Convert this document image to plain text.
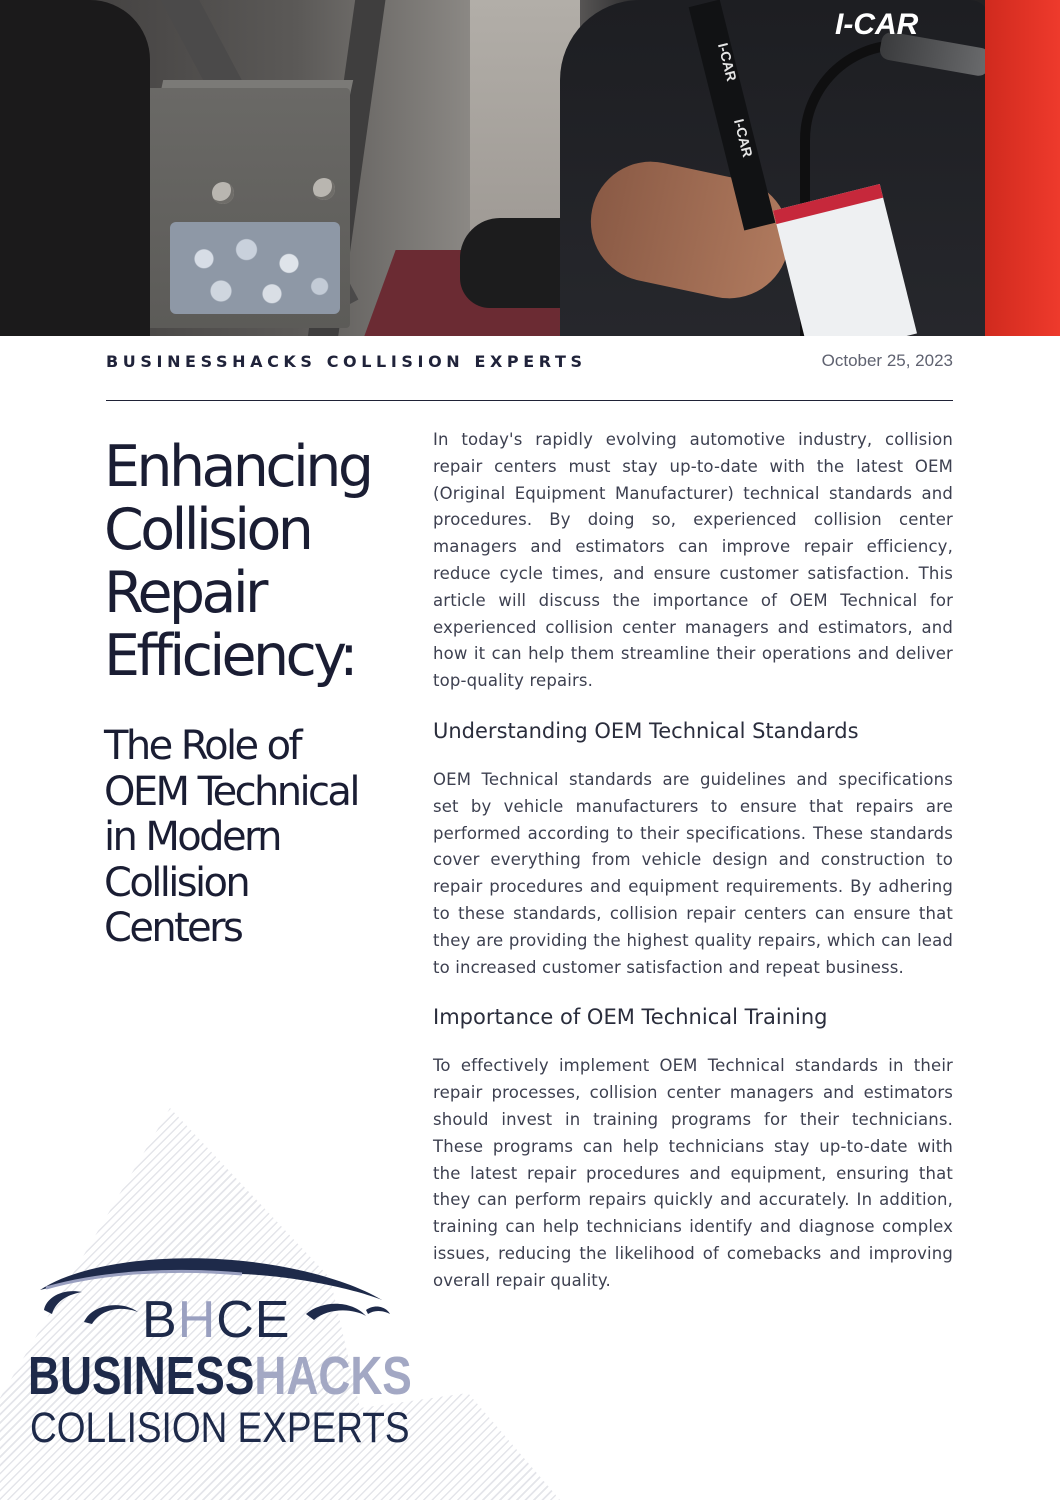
I-CAR
I-CAR
I-CAR
BUSINESSHACKS COLLISION EXPERTS	October 25, 2023
Enhancing
Collision
Repair
Efficiency:
The Role of
OEM Technical
in Modern
Collision
Centers

In today's rapidly evolving automotive industry, collision repair centers must stay up-to-date with the latest OEM (Original Equipment Manufacturer) technical standards and procedures. By doing so, experienced collision center managers and estimators can improve repair efficiency, reduce cycle times, and ensure customer satisfaction. This article will discuss the importance of OEM Technical for experienced collision center managers and estimators, and how it can help them streamline their operations and deliver top-quality repairs.

Understanding OEM Technical Standards

OEM Technical standards are guidelines and specifications set by vehicle manufacturers to ensure that repairs are performed according to their specifications. These standards cover everything from vehicle design and construction to repair procedures and equipment requirements. By adhering to these standards, collision repair centers can ensure that they are providing the highest quality repairs, which can lead to increased customer satisfaction and repeat business.

Importance of OEM Technical Training

To effectively implement OEM Technical standards in their repair processes, collision center managers and estimators should invest in training programs for their technicians. These programs can help technicians stay up-to-date with the latest repair procedures and equipment, ensuring that they can perform repairs quickly and accurately. In addition, training can help technicians identify and diagnose complex issues, reducing the likelihood of comebacks and improving overall repair quality.

BHCE
BUSINESSHACKS
COLLISION EXPERTS
